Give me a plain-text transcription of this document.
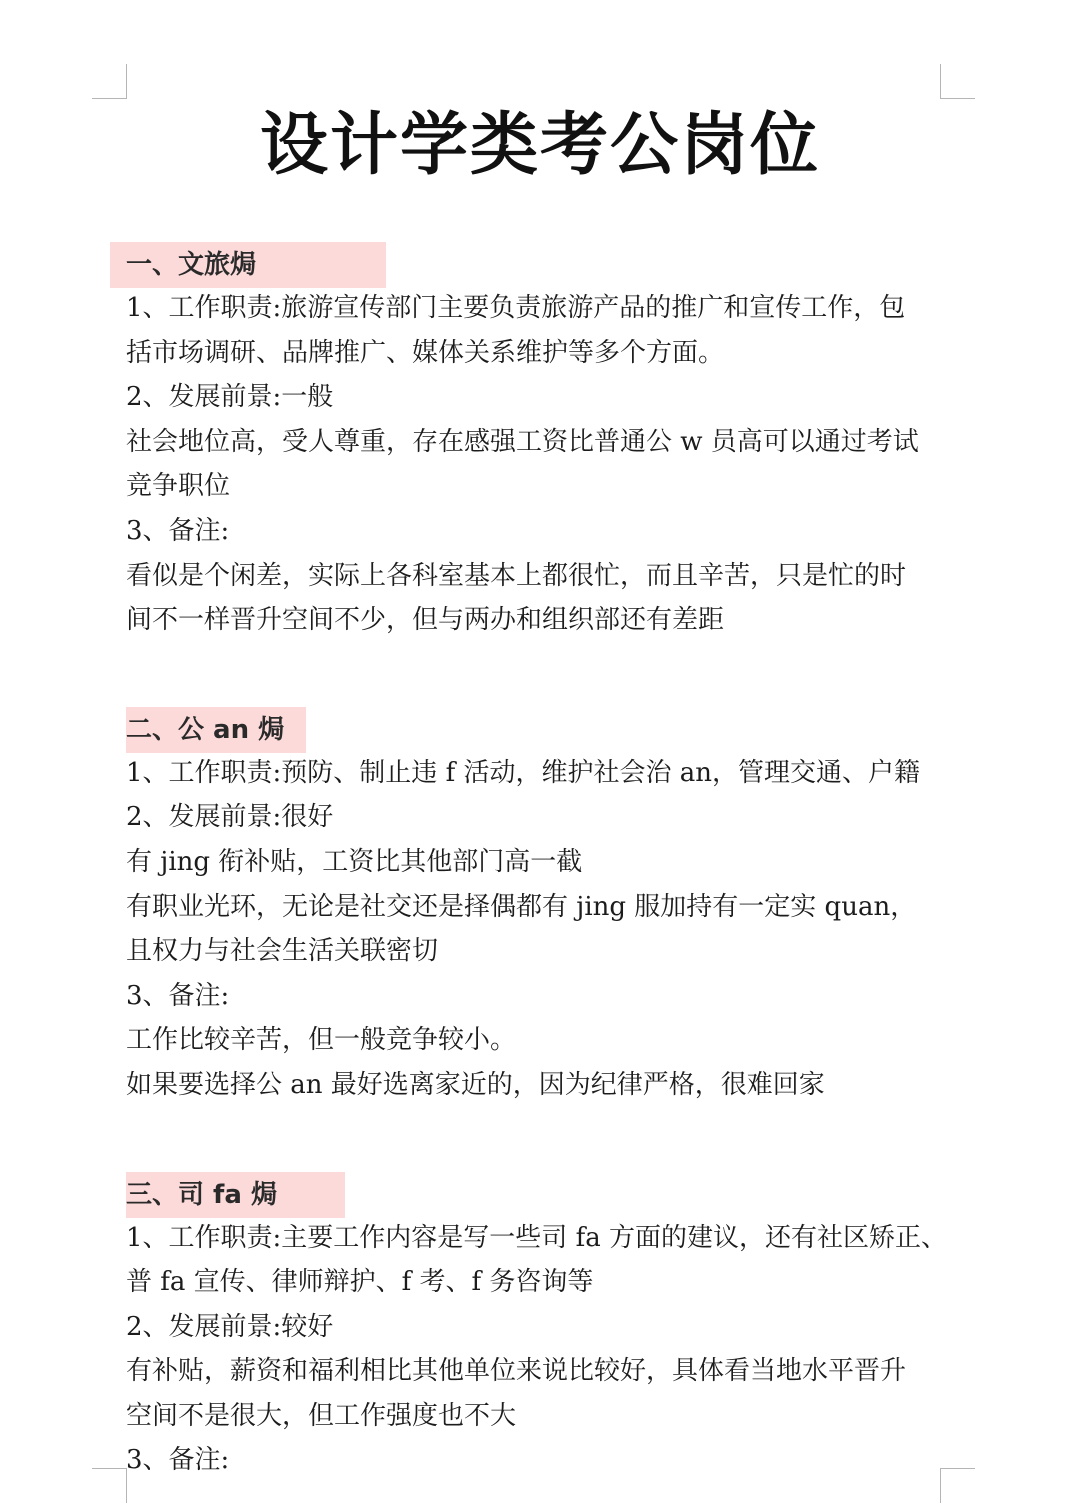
设计学类考公岗位
一、文旅焗
1、工作职责:旅游宣传部门主要负责旅游产品的推广和宣传工作，包
括市场调研、品牌推广、媒体关系维护等多个方面。
2、发展前景:一般
社会地位高，受人尊重，存在感强工资比普通公 w 员高可以通过考试
竞争职位
3、备注:
看似是个闲差，实际上各科室基本上都很忙，而且辛苦，只是忙的时
间不一样晋升空间不少，但与两办和组织部还有差距
二、公 an 焗
1、工作职责:预防、制止违 f 活动，维护社会治 an，管理交通、户籍
2、发展前景:很好
有 jing 衔补贴，工资比其他部门高一截
有职业光环，无论是社交还是择偶都有 jing 服加持有一定实 quan，
且权力与社会生活关联密切
3、备注:
工作比较辛苦，但一般竞争较小。
如果要选择公 an 最好选离家近的，因为纪律严格，很难回家
三、司 fa 焗
1、工作职责:主要工作内容是写一些司 fa 方面的建议，还有社区矫正、
普 fa 宣传、律师辩护、f 考、f 务咨询等
2、发展前景:较好
有补贴，薪资和福利相比其他单位来说比较好，具体看当地水平晋升
空间不是很大，但工作强度也不大
3、备注:
